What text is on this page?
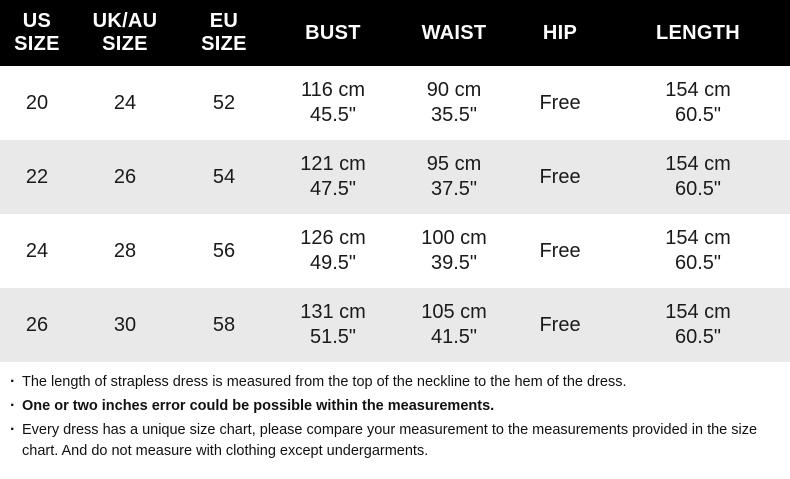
US
SIZE	UK/AU
SIZE	EU
SIZE	BUST	WAIST	HIP	LENGTH
20	24	52	116 cm
45.5"	90 cm
35.5"	Free	154 cm
60.5"

22	26	54	121 cm
47.5"	95 cm
37.5"	Free	154 cm
60.5"

24	28	56	126 cm
49.5"	100 cm
39.5"	Free	154 cm
60.5"

26	30	58	131 cm
51.5"	105 cm
41.5"	Free	154 cm
60.5"

· The length of strapless dress is measured from the top of the neckline to the hem of the dress.

· One or two inches error could be possible within the measurements.

· Every dress has a unique size chart, please compare your measurement to the measurements provided in the size chart. And do not measure with clothing except undergarments.
